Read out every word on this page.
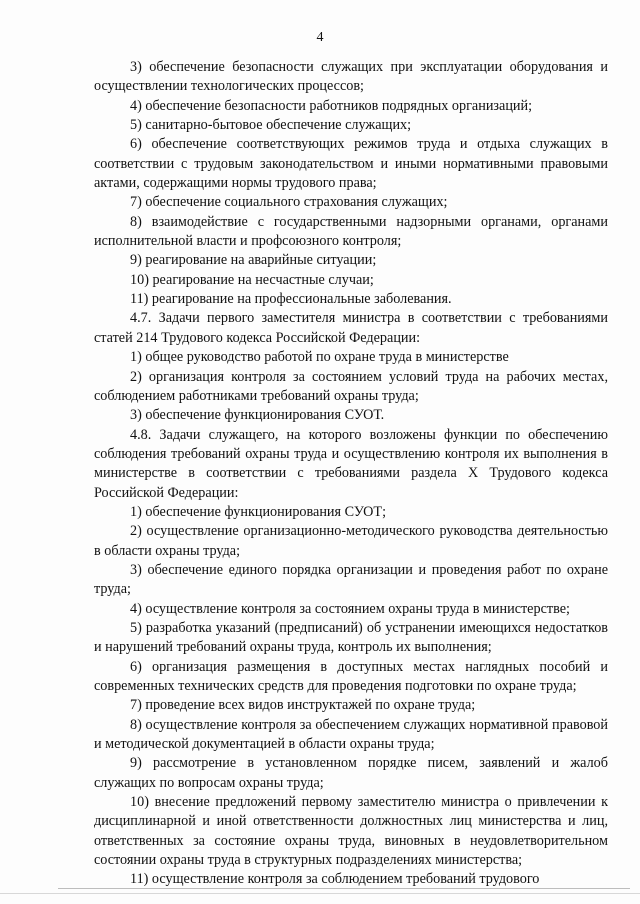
4

3) обеспечение безопасности служащих при эксплуатации оборудования и осуществлении технологических процессов;

4) обеспечение безопасности работников подрядных организаций;

5) санитарно-бытовое обеспечение служащих;

6) обеспечение соответствующих режимов труда и отдыха служащих в соответствии с трудовым законодательством и иными нормативными правовыми актами, содержащими нормы трудового права;

7) обеспечение социального страхования служащих;

8) взаимодействие с государственными надзорными органами, органами исполнительной власти и профсоюзного контроля;

9) реагирование на аварийные ситуации;

10) реагирование на несчастные случаи;

11) реагирование на профессиональные заболевания.

4.7. Задачи первого заместителя министра в соответствии с требованиями статей 214 Трудового кодекса Российской Федерации:

1) общее руководство работой по охране труда в министерстве

2) организация контроля за состоянием условий труда на рабочих местах, соблюдением работниками требований охраны труда;

3) обеспечение функционирования СУОТ.

4.8. Задачи служащего, на которого возложены функции по обеспечению соблюдения требований охраны труда и осуществлению контроля их выполнения в министерстве в соответствии с требованиями раздела X Трудового кодекса Российской Федерации:

1) обеспечение функционирования СУОТ;

2) осуществление организационно-методического руководства деятельностью в области охраны труда;

3) обеспечение единого порядка организации и проведения работ по охране труда;

4) осуществление контроля за состоянием охраны труда в министерстве;

5) разработка указаний (предписаний) об устранении имеющихся недостатков и нарушений требований охраны труда, контроль их выполнения;

6) организация размещения в доступных местах наглядных пособий и современных технических средств для проведения подготовки по охране труда;

7) проведение всех видов инструктажей по охране труда;

8) осуществление контроля за обеспечением служащих нормативной правовой и методической документацией в области охраны труда;

9) рассмотрение в установленном порядке писем, заявлений и жалоб служащих по вопросам охраны труда;

10) внесение предложений первому заместителю министра о привлечении к дисциплинарной и иной ответственности должностных лиц министерства и лиц, ответственных за состояние охраны труда, виновных в неудовлетворительном состоянии охраны труда в структурных подразделениях министерства;

11) осуществление контроля за соблюдением требований трудового
